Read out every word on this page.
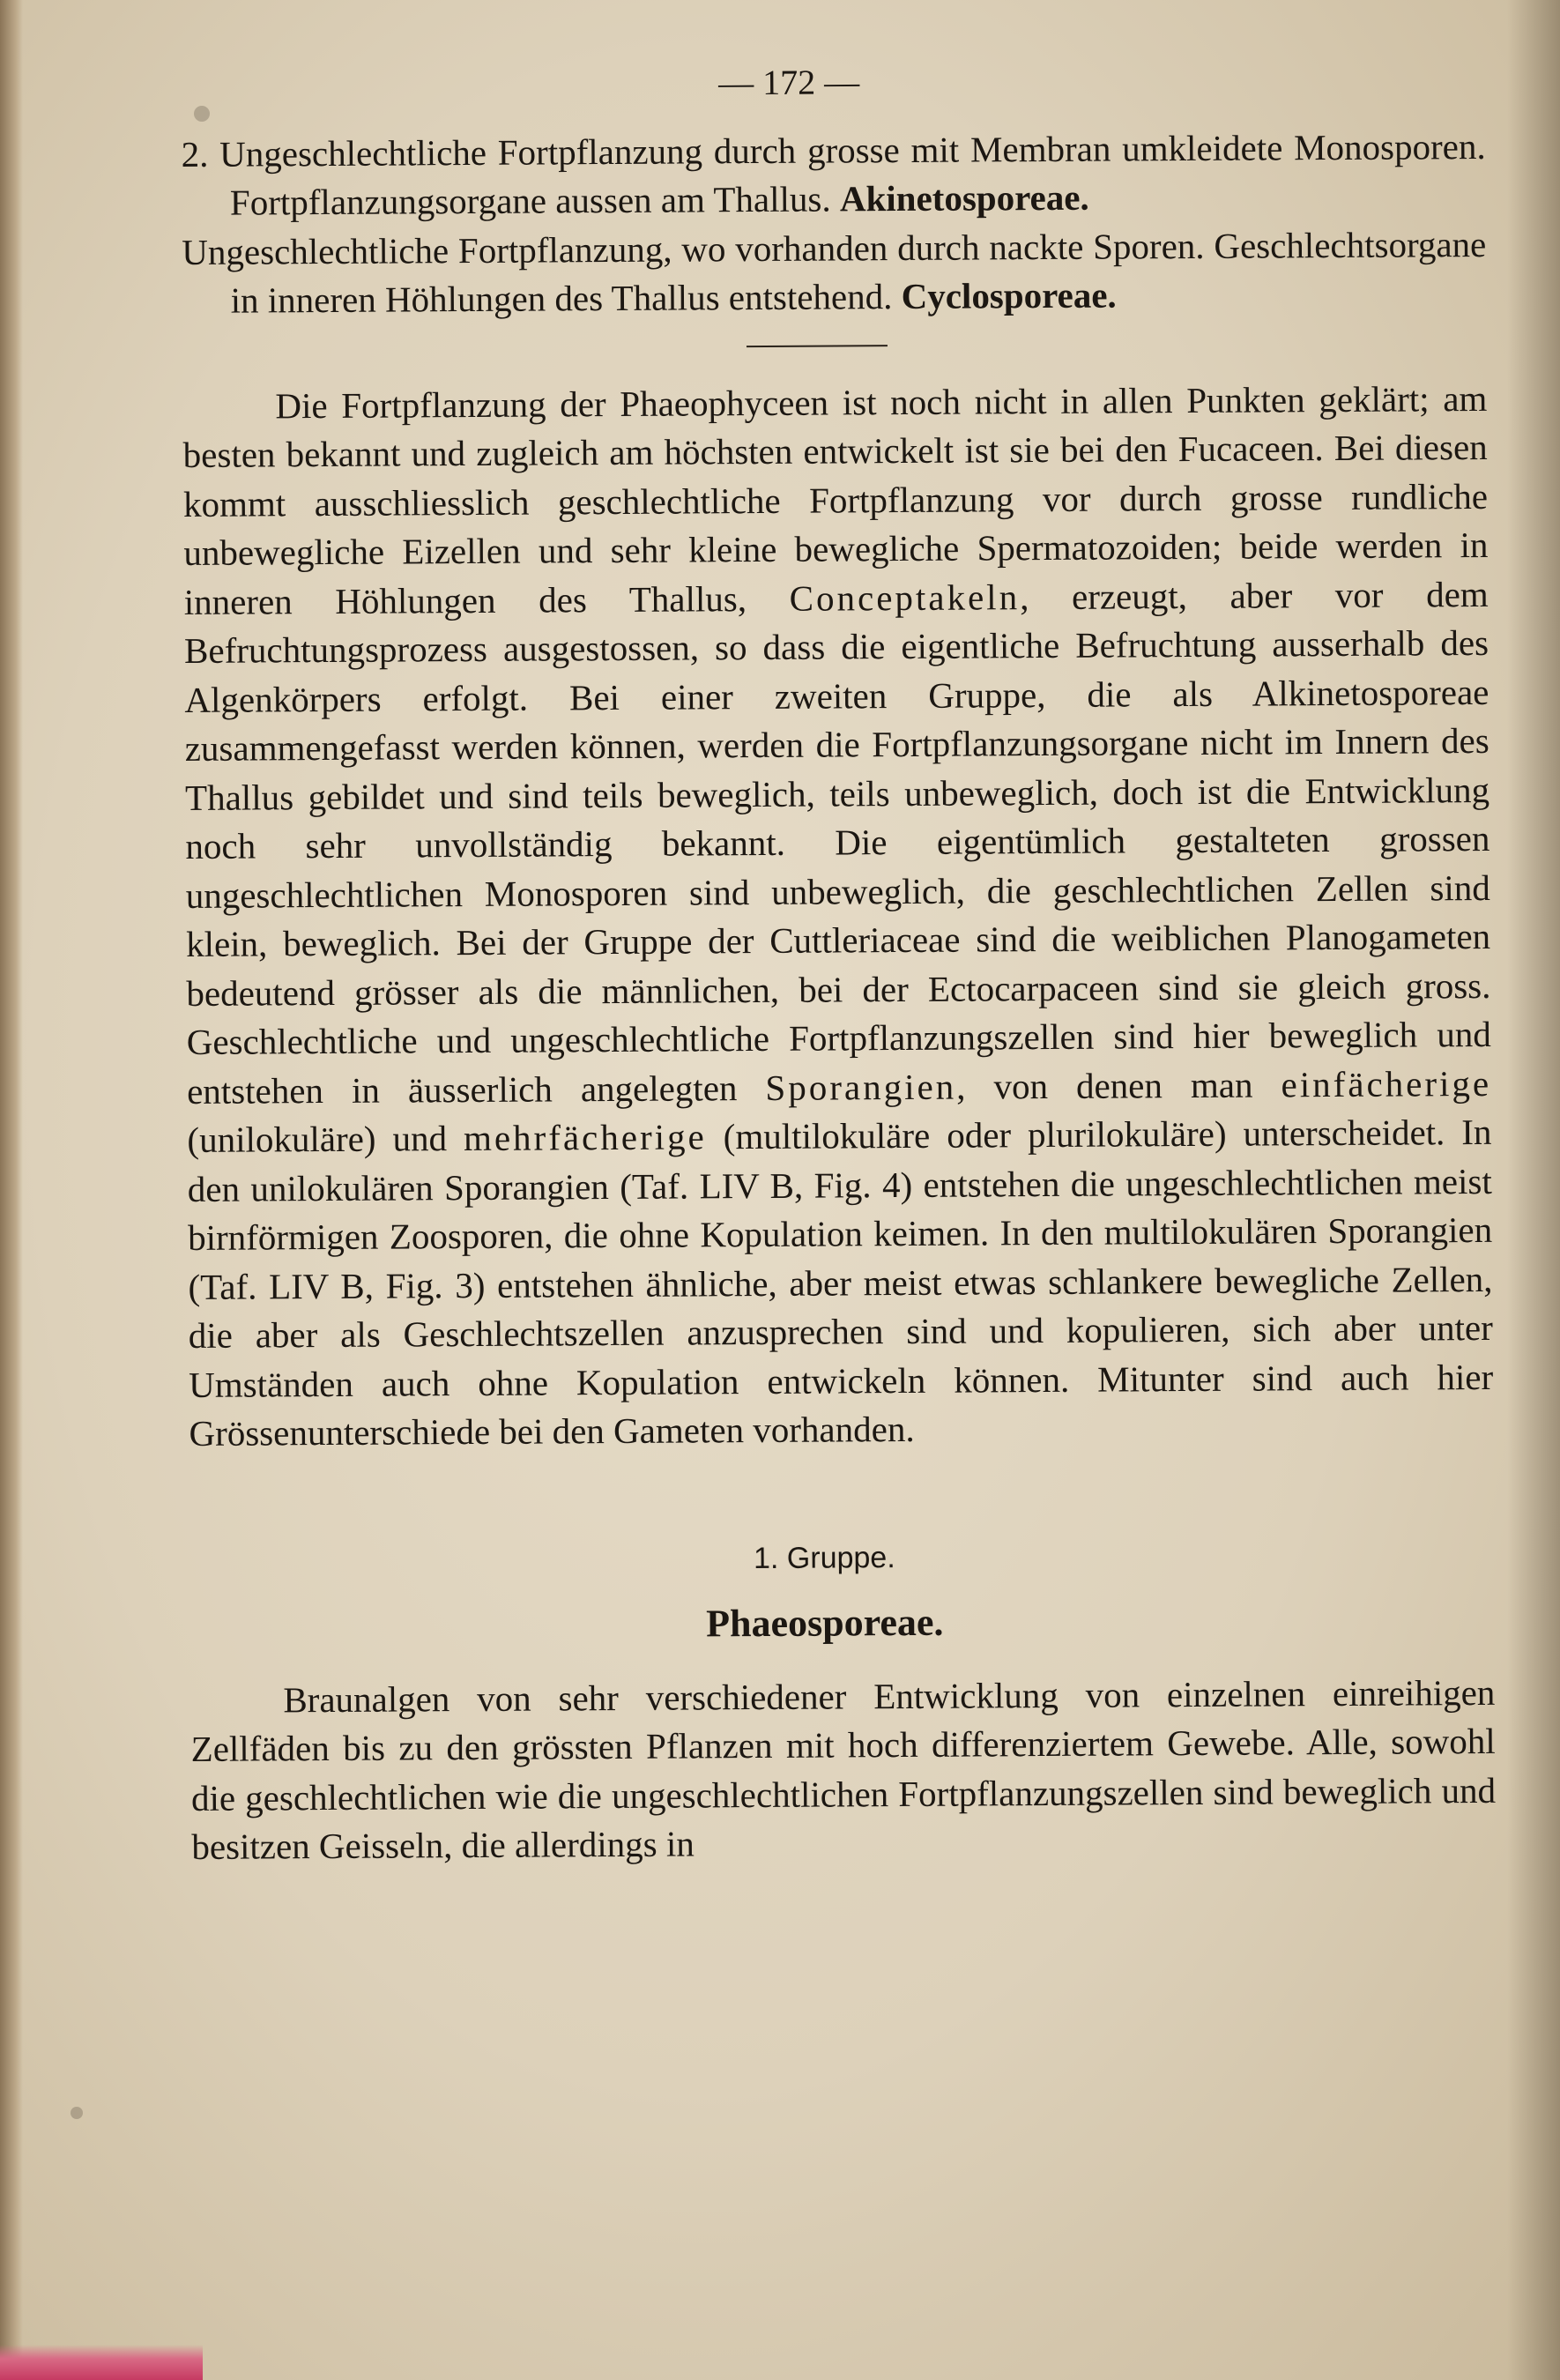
— 172 —
2. Ungeschlechtliche Fortpflanzung durch grosse mit Membran umkleidete Monosporen. Fortpflanzungsorgane aussen am Thallus. Akinetosporeae.
Ungeschlechtliche Fortpflanzung, wo vorhanden durch nackte Sporen. Geschlechtsorgane in inneren Höhlungen des Thallus entstehend. Cyclosporeae.

Die Fortpflanzung der Phaeophyceen ist noch nicht in allen Punkten geklärt; am besten bekannt und zugleich am höchsten entwickelt ist sie bei den Fucaceen. Bei diesen kommt ausschliesslich geschlechtliche Fortpflanzung vor durch grosse rundliche unbewegliche Eizellen und sehr kleine bewegliche Spermatozoiden; beide werden in inneren Höhlungen des Thallus, Conceptakeln, erzeugt, aber vor dem Befruchtungsprozess ausgestossen, so dass die eigentliche Befruchtung ausserhalb des Algenkörpers erfolgt. Bei einer zweiten Gruppe, die als Alkinetosporeae zusammengefasst werden können, werden die Fortpflanzungsorgane nicht im Innern des Thallus gebildet und sind teils beweglich, teils unbeweglich, doch ist die Entwicklung noch sehr unvollständig bekannt. Die eigentümlich gestalteten grossen ungeschlechtlichen Monosporen sind unbeweglich, die geschlechtlichen Zellen sind klein, beweglich. Bei der Gruppe der Cuttleriaceae sind die weiblichen Planogameten bedeutend grösser als die männlichen, bei der Ectocarpaceen sind sie gleich gross. Geschlechtliche und ungeschlechtliche Fortpflanzungszellen sind hier beweglich und entstehen in äusserlich angelegten Sporangien, von denen man einfächerige (unilokuläre) und mehrfächerige (multilokuläre oder plurilokuläre) unterscheidet. In den unilokulären Sporangien (Taf. LIV B, Fig. 4) entstehen die ungeschlechtlichen meist birnförmigen Zoosporen, die ohne Kopulation keimen. In den multilokulären Sporangien (Taf. LIV B, Fig. 3) entstehen ähnliche, aber meist etwas schlankere bewegliche Zellen, die aber als Geschlechtszellen anzusprechen sind und kopulieren, sich aber unter Umständen auch ohne Kopulation entwickeln können. Mitunter sind auch hier Grössenunterschiede bei den Gameten vorhanden.

1. Gruppe.
Phaeosporeae.

Braunalgen von sehr verschiedener Entwicklung von einzelnen einreihigen Zellfäden bis zu den grössten Pflanzen mit hoch differenziertem Gewebe. Alle, sowohl die geschlechtlichen wie die ungeschlechtlichen Fortpflanzungszellen sind beweglich und besitzen Geisseln, die allerdings in
